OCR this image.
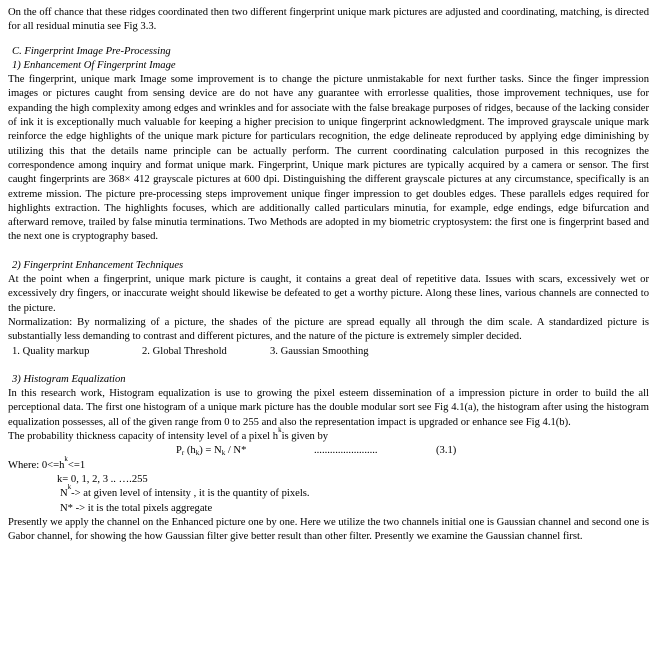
On the off chance that these ridges coordinated then two different fingerprint unique mark pictures are adjusted and coordinating, matching, is directed for all residual minutia see Fig 3.3.

C. Fingerprint Image Pre-Processing

1) Enhancement Of Fingerprint Image

The fingerprint, unique mark Image some improvement is to change the picture unmistakable for next further tasks. Since the finger impression images or pictures caught from sensing device are do not have any guarantee with errorlesse qualities, those improvement techniques, use for expanding the high complexity among edges and wrinkles and for associate with the false breakage purposes of ridges, because of the lacking consider of ink it is exceptionally much valuable for keeping a higher precision to unique fingerprint acknowledgment. The improved grayscale unique mark reinforce the edge highlights of the unique mark picture for particulars recognition, the edge delineate reproduced by applying edge diminishing by utilizing this that the details name principle can be actually perform. The current coordinating calculation purposed in this recognizes the correspondence among inquiry and format unique mark. Fingerprint, Unique mark pictures are typically acquired by a camera or sensor. The first caught fingerprints are 368× 412 grayscale pictures at 600 dpi. Distinguishing the different grayscale pictures at any circumstance, specifically is an extreme mission. The picture pre-processing steps improvement unique finger impression to get doubles edges. These parallels edges required for highlights extraction. The highlights focuses, which are additionally called particulars minutia, for example, edge endings, edge bifurcation and afterward remove, trailed by false minutia terminations. Two Methods are adopted in my biometric cryptosystem: the first one is fingerprint based and the next one is cryptography based.

2) Fingerprint Enhancement Techniques

At the point when a fingerprint, unique mark picture is caught, it contains a great deal of repetitive data. Issues with scars, excessively wet or excessively dry fingers, or inaccurate weight should likewise be defeated to get a worthy picture. Along these lines, various channels are connected to the picture.

Normalization: By normalizing of a picture, the shades of the picture are spread equally all through the dim scale. A standardized picture is substantially less demanding to contrast and different pictures, and the nature of the picture is extremely simpler decided.

1. Quality markup	2. Global Threshold	3. Gaussian Smoothing

3) Histogram Equalization

In this research work, Histogram equalization is use to growing the pixel esteem dissemination of a impression picture in order to build the all perceptional data. The first one histogram of a unique mark picture has the double modular sort see Fig 4.1(a), the histogram after using the histogram equalization possesses, all of the given range from 0 to 255 and also the representation impact is upgraded or enhance see Fig 4.1(b).

The probability thickness capacity of intensity level of a pixel h
k
is given by
$P_r$ $(h_k) = N_k / N*$	........................	(3.1)
Where: 0<=h
k
<=1
k= 0, 1, 2, 3 .. ….255
N
k
-> at given level of intensity , it is the quantity of pixels.
N* -> it is the total pixels aggregate

Presently we apply the channel on the Enhanced picture one by one. Here we utilize the two channels initial one is Gaussian channel and second one is Gabor channel, for showing the how Gaussian filter give better result than other filter. Presently we examine the Gaussian channel first.
